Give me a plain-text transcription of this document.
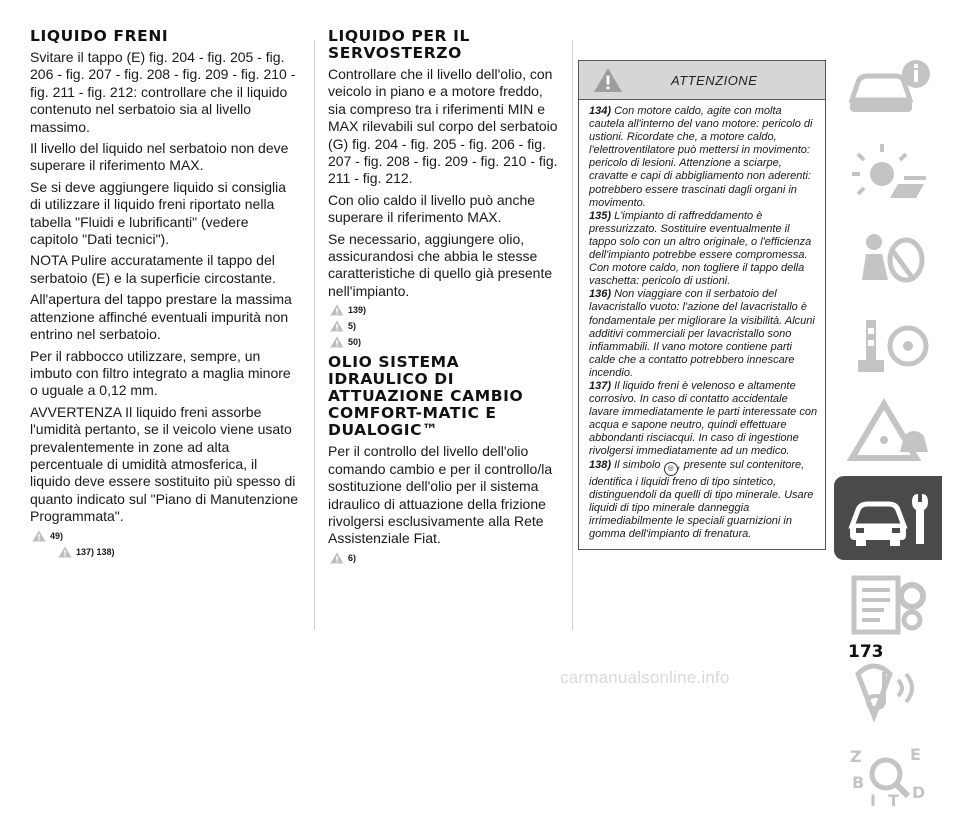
LIQUIDO FRENI

Svitare il tappo (E) fig. 204 - fig. 205 - fig. 206 - fig. 207 - fig. 208 - fig. 209 - fig. 210 - fig. 211 - fig. 212: controllare che il liquido contenuto nel serbatoio sia al livello massimo.

Il livello del liquido nel serbatoio non deve superare il riferimento MAX.

Se si deve aggiungere liquido si consiglia di utilizzare il liquido freni riportato nella tabella "Fluidi e lubrificanti" (vedere capitolo "Dati tecnici").

NOTA Pulire accuratamente il tappo del serbatoio (E) e la superficie circostante.

All'apertura del tappo prestare la massima attenzione affinché eventuali impurità non entrino nel serbatoio.

Per il rabbocco utilizzare, sempre, un imbuto con filtro integrato a maglia minore o uguale a 0,12 mm.

AVVERTENZA Il liquido freni assorbe l'umidità pertanto, se il veicolo viene usato prevalentemente in zone ad alta percentuale di umidità atmosferica, il liquido deve essere sostituito più spesso di quanto indicato sul "Piano di Manutenzione Programmata".

49)
137) 138)
LIQUIDO PER IL SERVOSTERZO

Controllare che il livello dell'olio, con veicolo in piano e a motore freddo, sia compreso tra i riferimenti MIN e MAX rilevabili sul corpo del serbatoio (G) fig. 204 - fig. 205 - fig. 206 - fig. 207 - fig. 208 - fig. 209 - fig. 210 - fig. 211 - fig. 212.

Con olio caldo il livello può anche superare il riferimento MAX.

Se necessario, aggiungere olio, assicurandosi che abbia le stesse caratteristiche di quello già presente nell'impianto.

139)
5)
50)
OLIO SISTEMA IDRAULICO DI ATTUAZIONE CAMBIO COMFORT-MATIC E DUALOGIC™

Per il controllo del livello dell'olio comando cambio e per il controllo/la sostituzione dell'olio per il sistema idraulico di attuazione della frizione rivolgersi esclusivamente alla Rete Assistenziale Fiat.

6)
ATTENZIONE

134) Con motore caldo, agite con molta cautela all'interno del vano motore: pericolo di ustioni. Ricordate che, a motore caldo, l'elettroventilatore può mettersi in movimento: pericolo di lesioni. Attenzione a sciarpe, cravatte e capi di abbigliamento non aderenti: potrebbero essere trascinati dagli organi in movimento.

135) L'impianto di raffreddamento è pressurizzato. Sostituire eventualmente il tappo solo con un altro originale, o l'efficienza dell'impianto potrebbe essere compromessa. Con motore caldo, non togliere il tappo della vaschetta: pericolo di ustioni.

136) Non viaggiare con il serbatoio del lavacristallo vuoto: l'azione del lavacristallo è fondamentale per migliorare la visibilità. Alcuni additivi commerciali per lavacristallo sono infiammabili. Il vano motore contiene parti calde che a contatto potrebbero innescare incendio.

137) Il liquido freni è velenoso e altamente corrosivo. In caso di contatto accidentale lavare immediatamente le parti interessate con acqua e sapone neutro, quindi effettuare abbondanti risciacqui. In caso di ingestione rivolgersi immediatamente ad un medico.

138) Il simbolo ◎ , presente sul contenitore, identifica i liquidi freno di tipo sintetico, distinguendoli da quelli di tipo minerale. Usare liquidi di tipo minerale danneggia irrimediabilmente le speciali guarnizioni in gomma dell'impianto di frenatura.

Z	E
B
I T D
173
carmanualsonline.info
